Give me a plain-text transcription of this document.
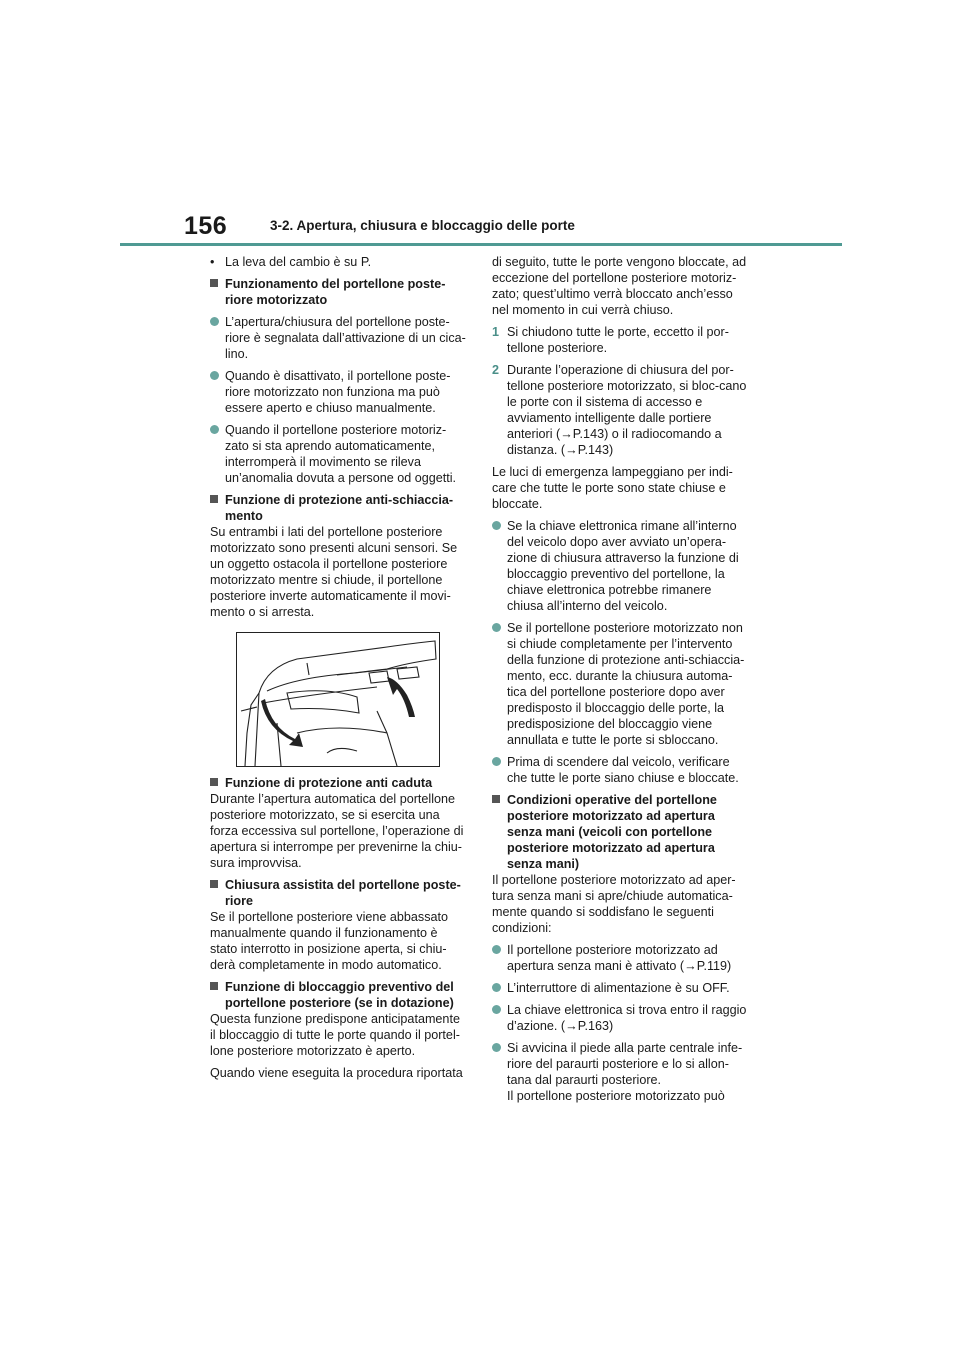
156	3-2. Apertura, chiusura e bloccaggio delle porte

• La leva del cambio è su P.

Funzionamento del portellone poste-riore motorizzato

L’apertura/chiusura del portellone poste-riore è segnalata dall’attivazione di un cica-lino.

Quando è disattivato, il portellone poste-riore motorizzato non funziona ma può essere aperto e chiuso manualmente.

Quando il portellone posteriore motoriz-zato si sta aprendo automaticamente, interromperà il movimento se rileva un’anomalia dovuta a persone od oggetti.

Funzione di protezione anti-schiaccia-mento

Su entrambi i lati del portellone posteriore motorizzato sono presenti alcuni sensori. Se un oggetto ostacola il portellone posteriore motorizzato mentre si chiude, il portellone posteriore inverte automaticamente il movi-mento o si arresta.

Funzione di protezione anti caduta

Durante l’apertura automatica del portellone posteriore motorizzato, se si esercita una forza eccessiva sul portellone, l’operazione di apertura si interrompe per prevenirne la chiu-sura improvvisa.

Chiusura assistita del portellone poste-riore

Se il portellone posteriore viene abbassato manualmente quando il funzionamento è stato interrotto in posizione aperta, si chiu-derà completamente in modo automatico.

Funzione di bloccaggio preventivo del portellone posteriore (se in dotazione)

Questa funzione predispone anticipatamente il bloccaggio di tutte le porte quando il portel-lone posteriore motorizzato è aperto.

Quando viene eseguita la procedura riportata

di seguito, tutte le porte vengono bloccate, ad eccezione del portellone posteriore motoriz-zato; quest’ultimo verrà bloccato anch’esso nel momento in cui verrà chiuso.

1 Si chiudono tutte le porte, eccetto il por-tellone posteriore.

2 Durante l’operazione di chiusura del por-tellone posteriore motorizzato, si bloc-cano le porte con il sistema di accesso e avviamento intelligente dalle portiere anteriori (→P.143) o il radiocomando a distanza. (→P.143)

Le luci di emergenza lampeggiano per indi-care che tutte le porte sono state chiuse e bloccate.

Se la chiave elettronica rimane all’interno del veicolo dopo aver avviato un’opera-zione di chiusura attraverso la funzione di bloccaggio preventivo del portellone, la chiave elettronica potrebbe rimanere chiusa all’interno del veicolo.

Se il portellone posteriore motorizzato non si chiude completamente per l’intervento della funzione di protezione anti-schiaccia-mento, ecc. durante la chiusura automa-tica del portellone posteriore dopo aver predisposto il bloccaggio delle porte, la predisposizione del bloccaggio viene annullata e tutte le porte si sbloccano.

Prima di scendere dal veicolo, verificare che tutte le porte siano chiuse e bloccate.

Condizioni operative del portellone posteriore motorizzato ad apertura senza mani (veicoli con portellone posteriore motorizzato ad apertura senza mani)

Il portellone posteriore motorizzato ad aper-tura senza mani si apre/chiude automatica-mente quando si soddisfano le seguenti condizioni:

Il portellone posteriore motorizzato ad apertura senza mani è attivato (→P.119)

L’interruttore di alimentazione è su OFF.

La chiave elettronica si trova entro il raggio d’azione. (→P.163)

Si avvicina il piede alla parte centrale infe-riore del paraurti posteriore e lo si allon-tana dal paraurti posteriore.
Il portellone posteriore motorizzato può
